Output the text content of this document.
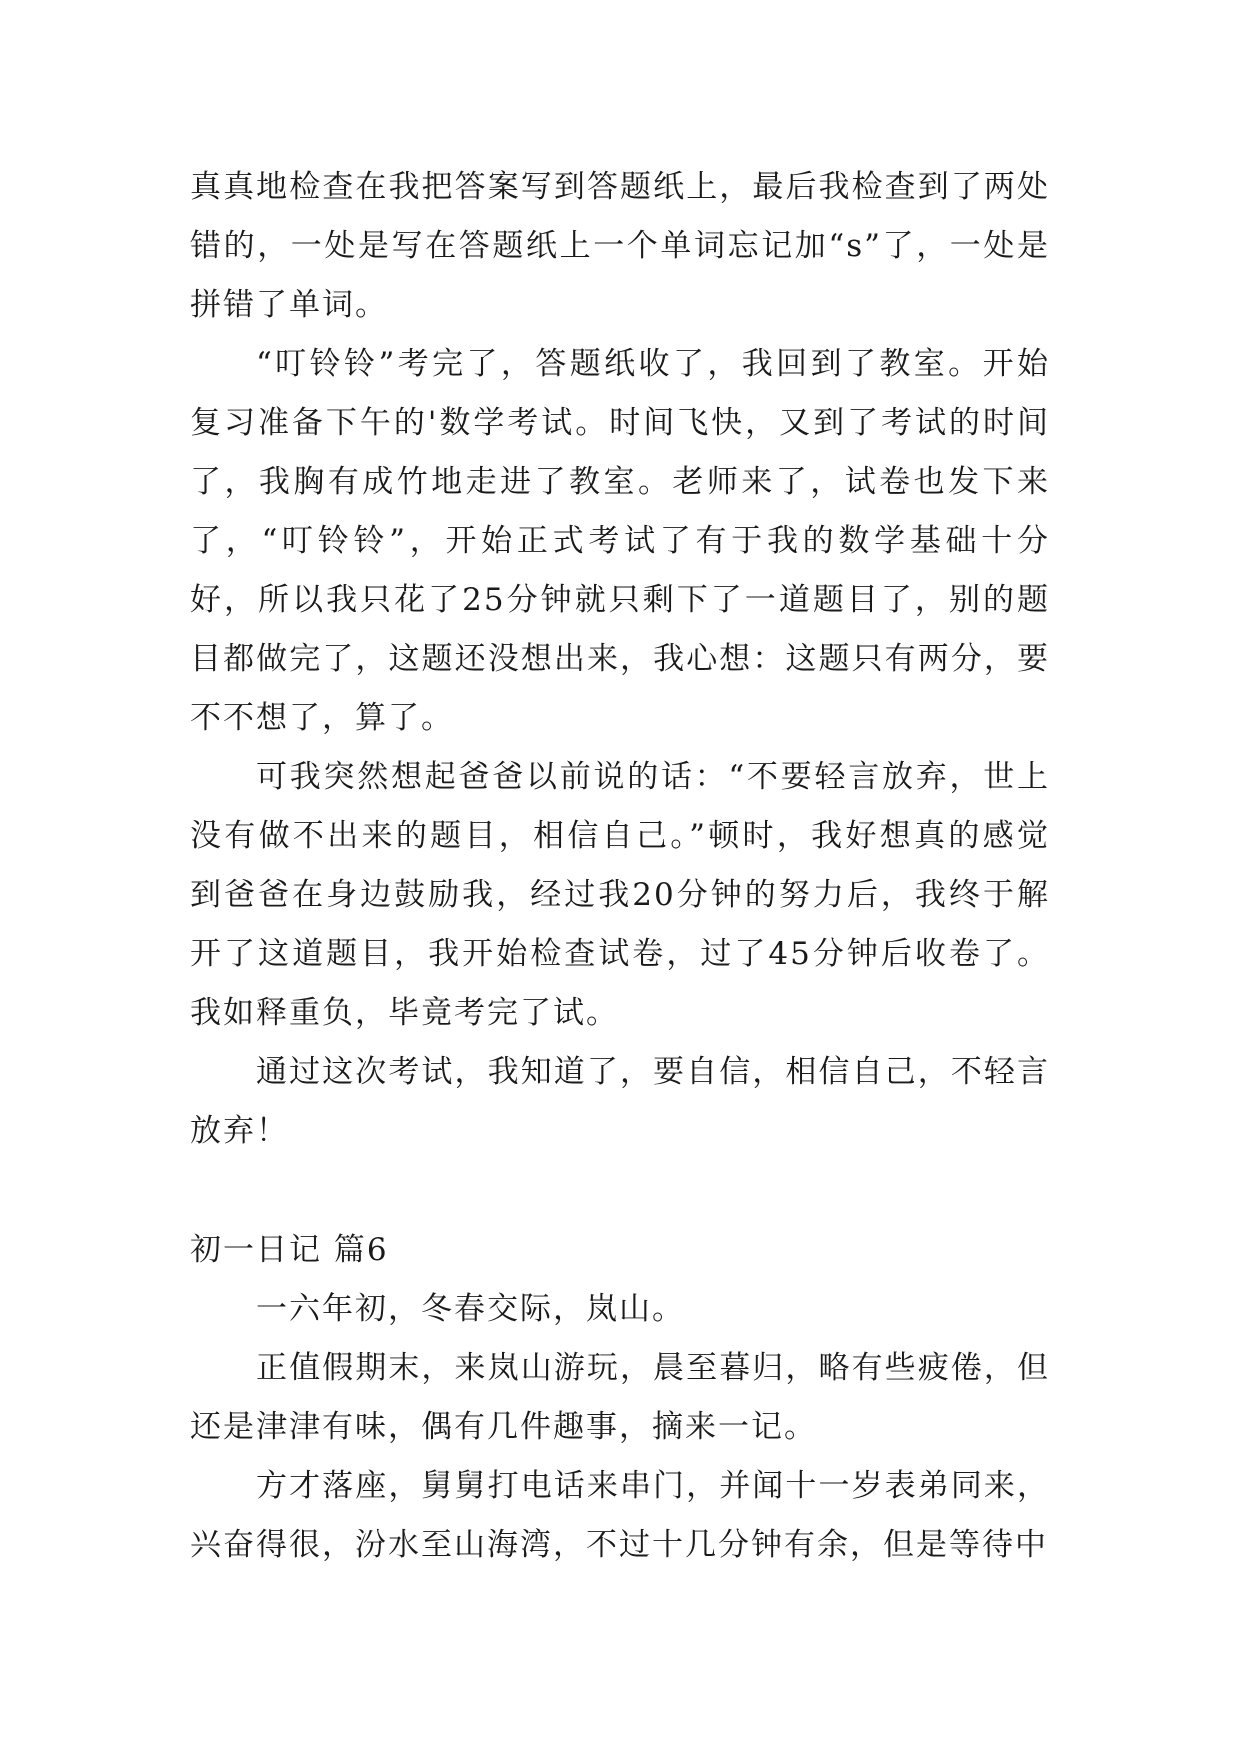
真真地检查在我把答案写到答题纸上，最后我检查到了两处错的，一处是写在答题纸上一个单词忘记加“s”了，一处是拼错了单词。

“叮铃铃”考完了，答题纸收了，我回到了教室。开始复习准备下午的'数学考试。时间飞快，又到了考试的时间了，我胸有成竹地走进了教室。老师来了，试卷也发下来了，“叮铃铃”，开始正式考试了有于我的数学基础十分好，所以我只花了25分钟就只剩下了一道题目了，别的题目都做完了，这题还没想出来，我心想：这题只有两分，要不不想了，算了。

可我突然想起爸爸以前说的话：“不要轻言放弃，世上没有做不出来的题目，相信自己。”顿时，我好想真的感觉到爸爸在身边鼓励我，经过我20分钟的努力后，我终于解开了这道题目，我开始检查试卷，过了45分钟后收卷了。我如释重负，毕竟考完了试。

通过这次考试，我知道了，要自信，相信自己，不轻言放弃！

初一日记 篇6

一六年初，冬春交际，岚山。

正值假期末，来岚山游玩，晨至暮归，略有些疲倦，但还是津津有味，偶有几件趣事，摘来一记。

方才落座，舅舅打电话来串门，并闻十一岁表弟同来，兴奋得很，汾水至山海湾，不过十几分钟有余，但是等待中
